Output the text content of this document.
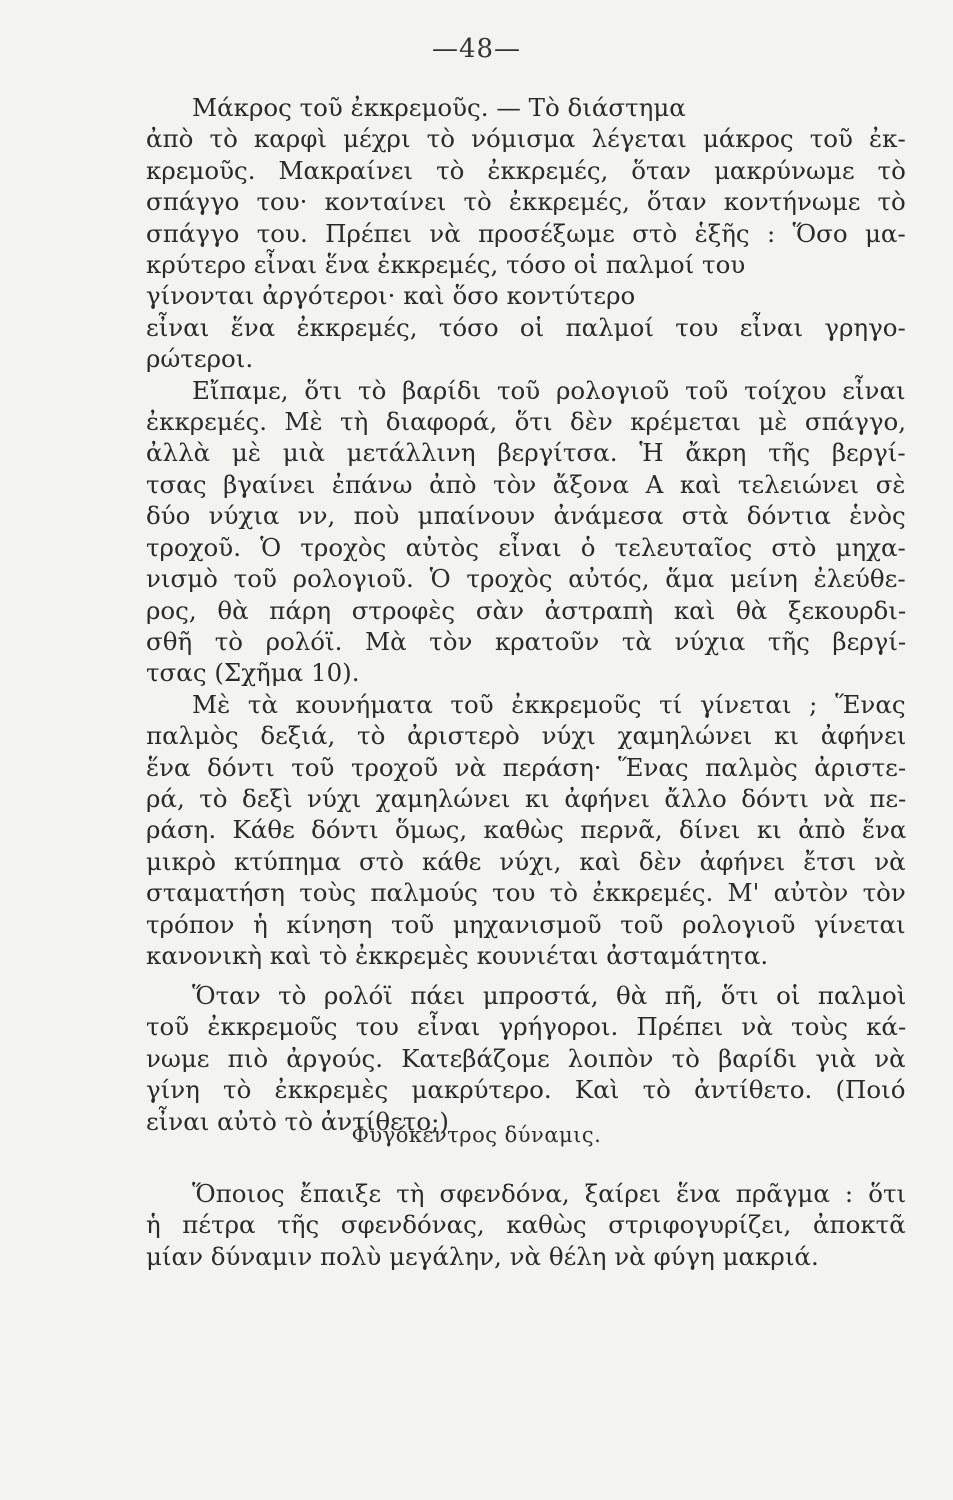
—48—
Μάκρος τοῦ ἐκκρεμοῦς. — Τὸ διάστημα
ἀπὸ τὸ καρφὶ μέχρι τὸ νόμισμα λέγεται μάκρος τοῦ ἐκ-
κρεμοῦς. Μακραίνει τὸ ἐκκρεμές, ὅταν μακρύνωμε τὸ
σπάγγο του· κονταίνει τὸ ἐκκρεμές, ὅταν κοντήνωμε τὸ
σπάγγο του. Πρέπει νὰ προσέξωμε στὸ ἑξῆς : Ὅσο μα-
κρύτερο εἶναι ἕνα ἐκκρεμές, τόσο οἱ παλμοί του
γίνονται ἀργότεροι· καὶ ὅσο κοντύτερο
εἶναι ἕνα ἐκκρεμές, τόσο οἱ παλμοί του εἶναι γρηγο-
ρώτεροι.
Εἴπαμε, ὅτι τὸ βαρίδι τοῦ ρολογιοῦ τοῦ τοίχου εἶναι
ἐκκρεμές. Μὲ τὴ διαφορά, ὅτι δὲν κρέμεται μὲ σπάγγο,
ἀλλὰ μὲ μιὰ μετάλλινη βεργίτσα. Ἡ ἄκρη τῆς βεργί-
τσας βγαίνει ἐπάνω ἀπὸ τὸν ἄξονα Α καὶ τελειώνει σὲ
δύο νύχια νν, ποὺ μπαίνουν ἀνάμεσα στὰ δόντια ἑνὸς
τροχοῦ. Ὁ τροχὸς αὐτὸς εἶναι ὁ τελευταῖος στὸ μηχα-
νισμὸ τοῦ ρολογιοῦ. Ὁ τροχὸς αὐτός, ἅμα μείνη ἐλεύθε-
ρος, θὰ πάρη στροφὲς σὰν ἀστραπὴ καὶ θὰ ξεκουρδι-
σθῆ τὸ ρολόϊ. Μὰ τὸν κρατοῦν τὰ νύχια τῆς βεργί-
τσας (Σχῆμα 10).
Μὲ τὰ κουνήματα τοῦ ἐκκρεμοῦς τί γίνεται ; Ἕνας
παλμὸς δεξιά, τὸ ἀριστερὸ νύχι χαμηλώνει κι ἀφήνει
ἕνα δόντι τοῦ τροχοῦ νὰ περάση· Ἕνας παλμὸς ἀριστε-
ρά, τὸ δεξὶ νύχι χαμηλώνει κι ἀφήνει ἄλλο δόντι νὰ πε-
ράση. Κάθε δόντι ὅμως, καθὼς περνᾶ, δίνει κι ἀπὸ ἕνα
μικρὸ κτύπημα στὸ κάθε νύχι, καὶ δὲν ἀφήνει ἔτσι νὰ
σταματήση τοὺς παλμούς του τὸ ἐκκρεμές. Μ' αὐτὸν τὸν
τρόπον ἡ κίνηση τοῦ μηχανισμοῦ τοῦ ρολογιοῦ γίνεται
κανονικὴ καὶ τὸ ἐκκρεμὲς κουνιέται ἀσταμάτητα.
Ὅταν τὸ ρολόϊ πάει μπροστά, θὰ πῆ, ὅτι οἱ παλμοὶ
τοῦ ἐκκρεμοῦς του εἶναι γρήγοροι. Πρέπει νὰ τοὺς κά-
νωμε πιὸ ἀργούς. Κατεβάζομε λοιπὸν τὸ βαρίδι γιὰ νὰ
γίνη τὸ ἐκκρεμὲς μακρύτερο. Καὶ τὸ ἀντίθετο. (Ποιό
εἶναι αὐτὸ τὸ ἀντίθετο;)
Φυγόκεντρος δύναμις.
Ὅποιος ἔπαιξε τὴ σφενδόνα, ξαίρει ἕνα πρᾶγμα : ὅτι
ἡ πέτρα τῆς σφενδόνας, καθὼς στριφογυρίζει, ἀποκτᾶ
μίαν δύναμιν πολὺ μεγάλην, νὰ θέλη νὰ φύγη μακριά.
